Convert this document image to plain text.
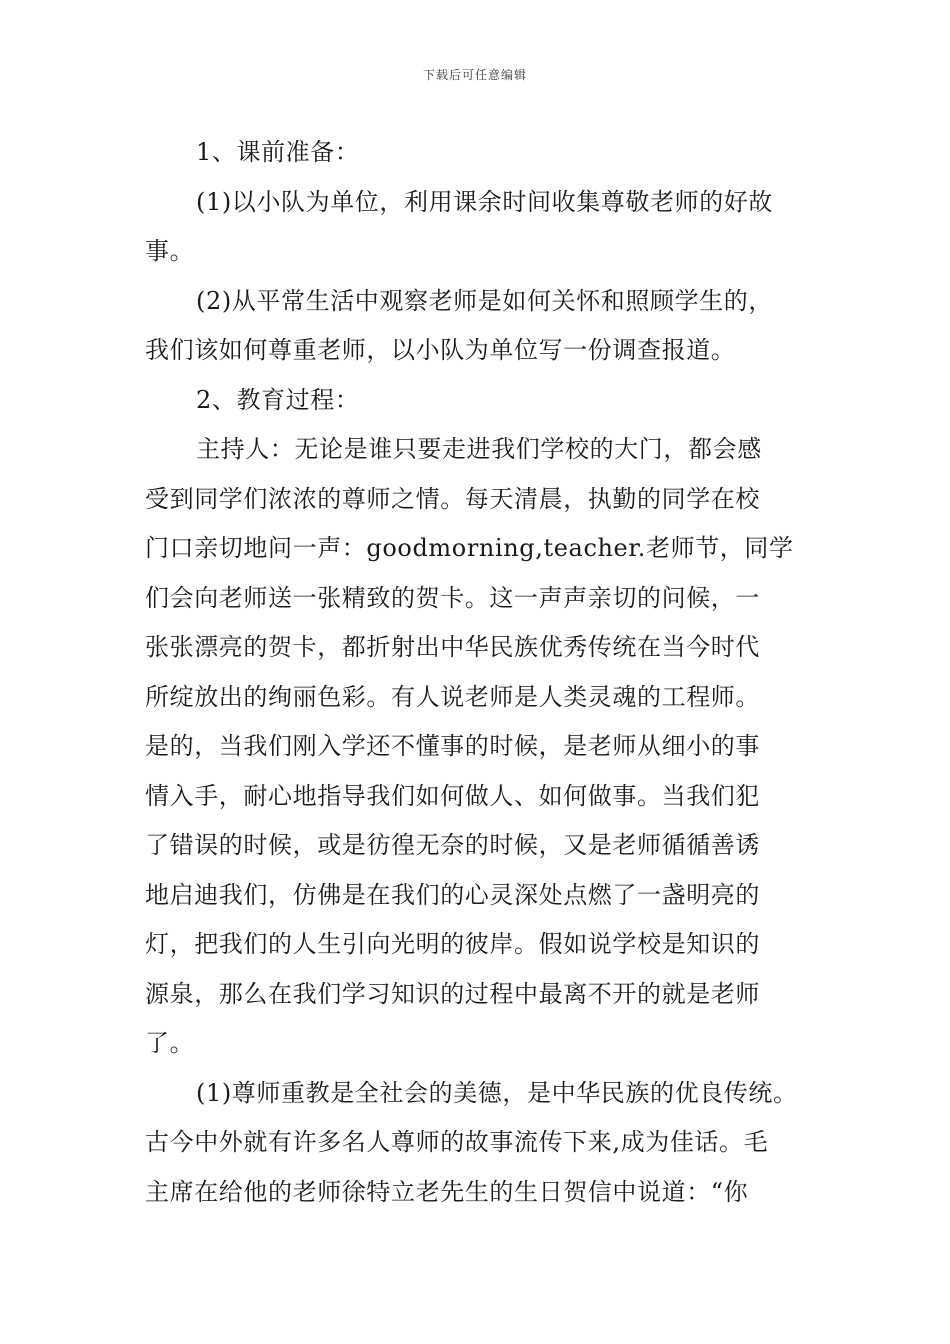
下载后可任意编辑
1、课前准备：
(1)以小队为单位，利用课余时间收集尊敬老师的好故
事。
(2)从平常生活中观察老师是如何关怀和照顾学生的，
我们该如何尊重老师，以小队为单位写一份调查报道。
2、教育过程：
主持人：无论是谁只要走进我们学校的大门，都会感
受到同学们浓浓的尊师之情。每天清晨，执勤的同学在校
门口亲切地问一声：goodmorning,teacher.老师节，同学
们会向老师送一张精致的贺卡。这一声声亲切的问候，一
张张漂亮的贺卡，都折射出中华民族优秀传统在当今时代
所绽放出的绚丽色彩。有人说老师是人类灵魂的工程师。
是的，当我们刚入学还不懂事的时候，是老师从细小的事
情入手，耐心地指导我们如何做人、如何做事。当我们犯
了错误的时候，或是彷徨无奈的时候，又是老师循循善诱
地启迪我们，仿佛是在我们的心灵深处点燃了一盏明亮的
灯，把我们的人生引向光明的彼岸。假如说学校是知识的
源泉，那么在我们学习知识的过程中最离不开的就是老师
了。
(1)尊师重教是全社会的美德，是中华民族的优良传统。
古今中外就有许多名人尊师的故事流传下来,成为佳话。毛
主席在给他的老师徐特立老先生的生日贺信中说道：“你
